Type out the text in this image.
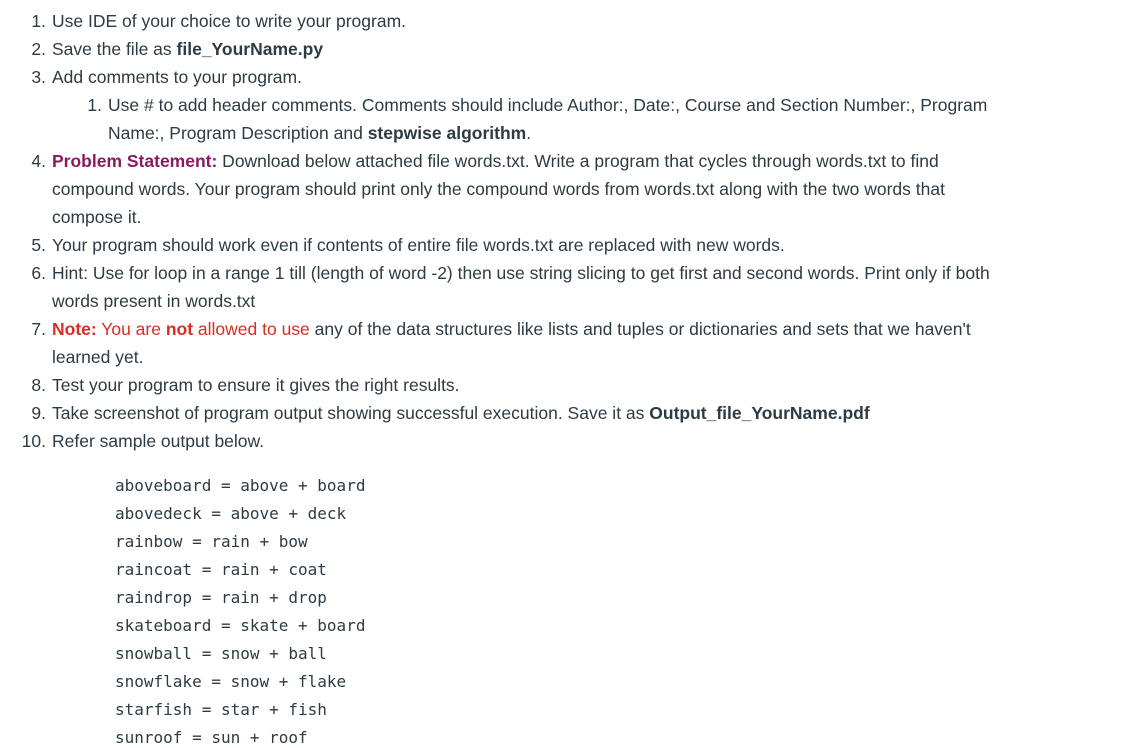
1. Use IDE of your choice to write your program.
2. Save the file as file_YourName.py
3. Add comments to your program.
1. Use # to add header comments. Comments should include Author:, Date:, Course and Section Number:, Program
Name:, Program Description and stepwise algorithm.
4. Problem Statement: Download below attached file words.txt. Write a program that cycles through words.txt to find
compound words. Your program should print only the compound words from words.txt along with the two words that
compose it.
5. Your program should work even if contents of entire file words.txt are replaced with new words.
6. Hint: Use for loop in a range 1 till (length of word -2) then use string slicing to get first and second words. Print only if both
words present in words.txt
7. Note: You are not allowed to use any of the data structures like lists and tuples or dictionaries and sets that we haven't
learned yet.
8. Test your program to ensure it gives the right results.
9. Take screenshot of program output showing successful execution. Save it as Output_file_YourName.pdf
10. Refer sample output below.
aboveboard = above + board
abovedeck = above + deck
rainbow = rain + bow
raincoat = rain + coat
raindrop = rain + drop
skateboard = skate + board
snowball = snow + ball
snowflake = snow + flake
starfish = star + fish
sunroof = sun + roof
